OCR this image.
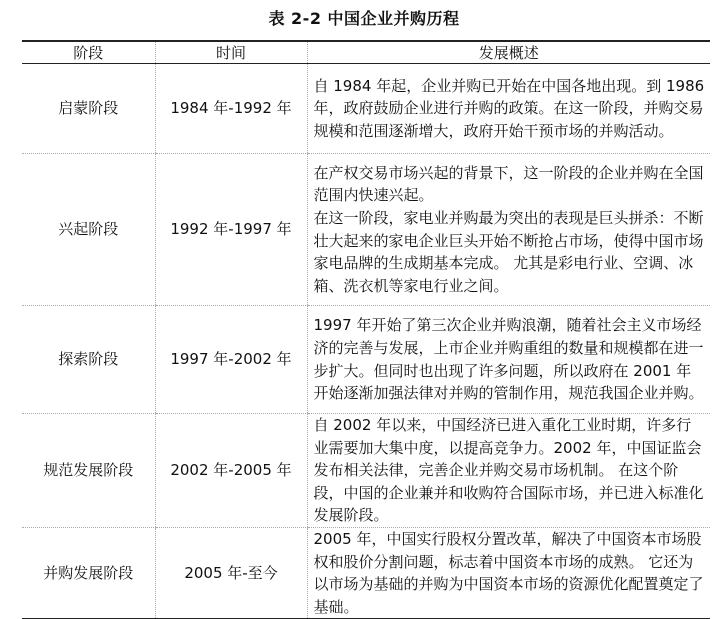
表 2-2 中国企业并购历程
阶段	时间	发展概述
启蒙阶段	1984 年-1992 年	自 1984 年起，企业并购已开始在中国各地出现。到 1986 年，政府鼓励企业进行并购的政策。在这一阶段，并购交易规模和范围逐渐增大，政府开始干预市场的并购活动。
兴起阶段	1992 年-1997 年	在产权交易市场兴起的背景下，这一阶段的企业并购在全国范围内快速兴起。
在这一阶段，家电业并购最为突出的表现是巨头拼杀：不断壮大起来的家电企业巨头开始不断抢占市场，使得中国市场家电品牌的生成期基本完成。 尤其是彩电行业、空调、冰箱、洗衣机等家电行业之间。
探索阶段	1997 年-2002 年	1997 年开始了第三次企业并购浪潮，随着社会主义市场经济的完善与发展，上市企业并购重组的数量和规模都在进一步扩大。但同时也出现了许多问题，所以政府在 2001 年开始逐渐加强法律对并购的管制作用，规范我国企业并购。
规范发展阶段	2002 年-2005 年	自 2002 年以来，中国经济已进入重化工业时期，许多行业需要加大集中度，以提高竞争力。2002 年，中国证监会发布相关法律，完善企业并购交易市场机制。 在这个阶段，中国的企业兼并和收购符合国际市场，并已进入标准化发展阶段。
并购发展阶段	2005 年-至今	2005 年，中国实行股权分置改革，解决了中国资本市场股权和股价分割问题，标志着中国资本市场的成熟。 它还为以市场为基础的并购为中国资本市场的资源优化配置奠定了基础。
